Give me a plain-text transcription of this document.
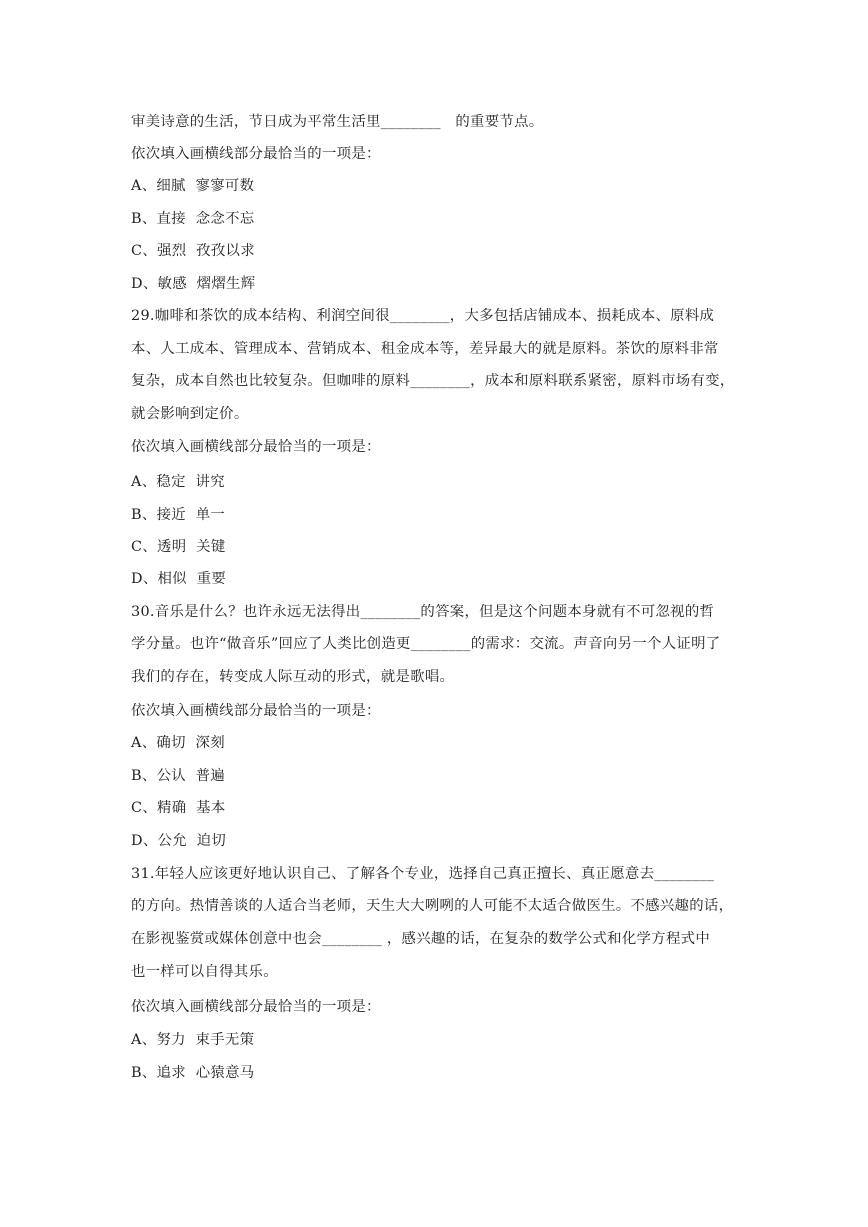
审美诗意的生活，节日成为平常生活里________   的重要节点。
依次填入画横线部分最恰当的一项是：
A、细腻  寥寥可数
B、直接  念念不忘
C、强烈  孜孜以求
D、敏感  熠熠生辉
29.咖啡和茶饮的成本结构、利润空间很________，大多包括店铺成本、损耗成本、原料成
本、人工成本、管理成本、营销成本、租金成本等，差异最大的就是原料。茶饮的原料非常
复杂，成本自然也比较复杂。但咖啡的原料________，成本和原料联系紧密，原料市场有变，
就会影响到定价。
依次填入画横线部分最恰当的一项是：
A、稳定  讲究
B、接近  单一
C、透明  关键
D、相似  重要
30.音乐是什么？也许永远无法得出________的答案，但是这个问题本身就有不可忽视的哲
学分量。也许“做音乐”回应了人类比创造更________的需求：交流。声音向另一个人证明了
我们的存在，转变成人际互动的形式，就是歌唱。
依次填入画横线部分最恰当的一项是：
A、确切  深刻
B、公认  普遍
C、精确  基本
D、公允  迫切
31.年轻人应该更好地认识自己、了解各个专业，选择自己真正擅长、真正愿意去________
的方向。热情善谈的人适合当老师，天生大大咧咧的人可能不太适合做医生。不感兴趣的话，
在影视鉴赏或媒体创意中也会________ ，感兴趣的话，在复杂的数学公式和化学方程式中
也一样可以自得其乐。
依次填入画横线部分最恰当的一项是：
A、努力  束手无策
B、追求  心猿意马
